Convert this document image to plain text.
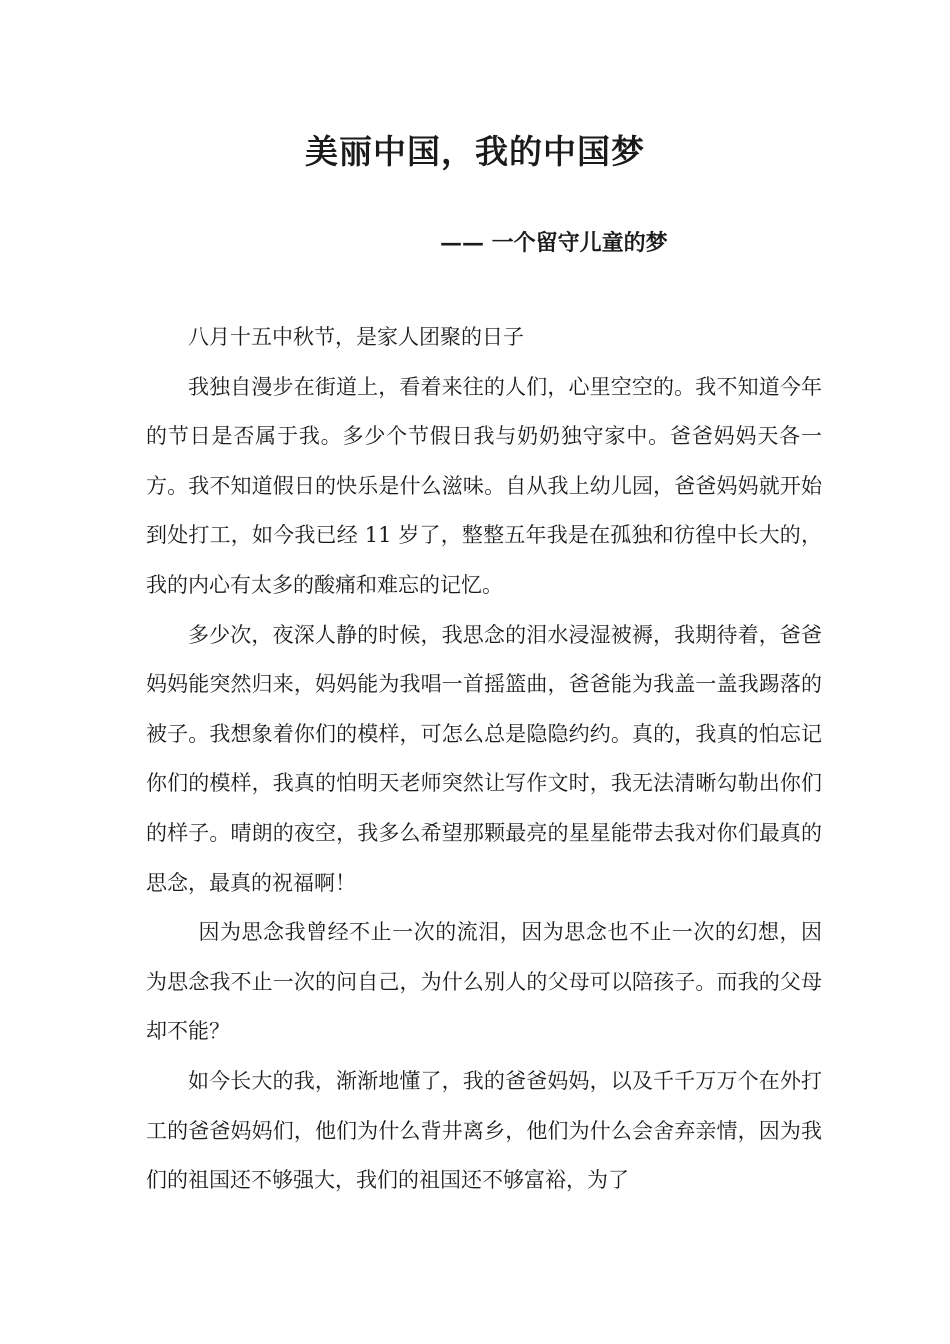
美丽中国，我的中国梦
—— 一个留守儿童的梦

八月十五中秋节，是家人团聚的日子

我独自漫步在街道上，看着来往的人们，心里空空的。我不知道今年的节日是否属于我。多少个节假日我与奶奶独守家中。爸爸妈妈天各一方。我不知道假日的快乐是什么滋味。自从我上幼儿园，爸爸妈妈就开始到处打工，如今我已经 11 岁了，整整五年我是在孤独和彷徨中长大的，我的内心有太多的酸痛和难忘的记忆。

多少次，夜深人静的时候，我思念的泪水浸湿被褥，我期待着，爸爸妈妈能突然归来，妈妈能为我唱一首摇篮曲，爸爸能为我盖一盖我踢落的被子。我想象着你们的模样，可怎么总是隐隐约约。真的，我真的怕忘记你们的模样，我真的怕明天老师突然让写作文时，我无法清晰勾勒出你们的样子。晴朗的夜空，我多么希望那颗最亮的星星能带去我对你们最真的思念，最真的祝福啊！

因为思念我曾经不止一次的流泪，因为思念也不止一次的幻想，因为思念我不止一次的问自己，为什么别人的父母可以陪孩子。而我的父母却不能？

如今长大的我，渐渐地懂了，我的爸爸妈妈，以及千千万万个在外打工的爸爸妈妈们，他们为什么背井离乡，他们为什么会舍弃亲情，因为我们的祖国还不够强大，我们的祖国还不够富裕，为了
